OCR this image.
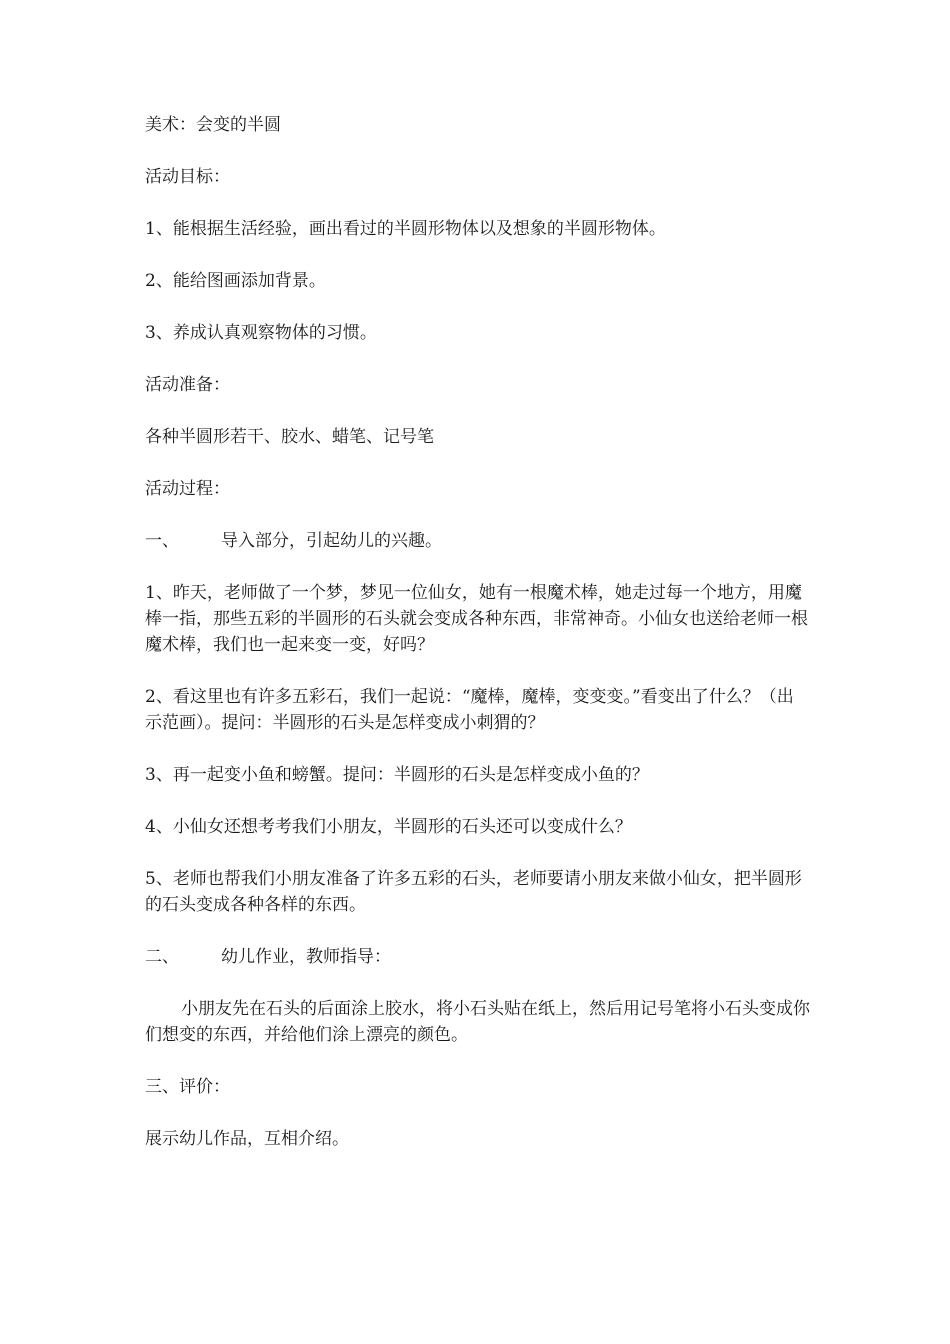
美术：会变的半圆

活动目标：

1、能根据生活经验，画出看过的半圆形物体以及想象的半圆形物体。

2、能给图画添加背景。

3、养成认真观察物体的习惯。

活动准备：

各种半圆形若干、胶水、蜡笔、记号笔

活动过程：

一、	导入部分，引起幼儿的兴趣。

1、昨天，老师做了一个梦，梦见一位仙女，她有一根魔术棒，她走过每一个地方，用魔棒一指，那些五彩的半圆形的石头就会变成各种东西，非常神奇。小仙女也送给老师一根魔术棒，我们也一起来变一变，好吗？

2、看这里也有许多五彩石，我们一起说：“魔棒，魔棒，变变变。”看变出了什么？（出示范画）。提问：半圆形的石头是怎样变成小刺猬的？

3、再一起变小鱼和螃蟹。提问：半圆形的石头是怎样变成小鱼的？

4、小仙女还想考考我们小朋友，半圆形的石头还可以变成什么？

5、老师也帮我们小朋友准备了许多五彩的石头，老师要请小朋友来做小仙女，把半圆形的石头变成各种各样的东西。

二、	幼儿作业，教师指导：

小朋友先在石头的后面涂上胶水，将小石头贴在纸上，然后用记号笔将小石头变成你们想变的东西，并给他们涂上漂亮的颜色。

三、评价：

展示幼儿作品，互相介绍。
